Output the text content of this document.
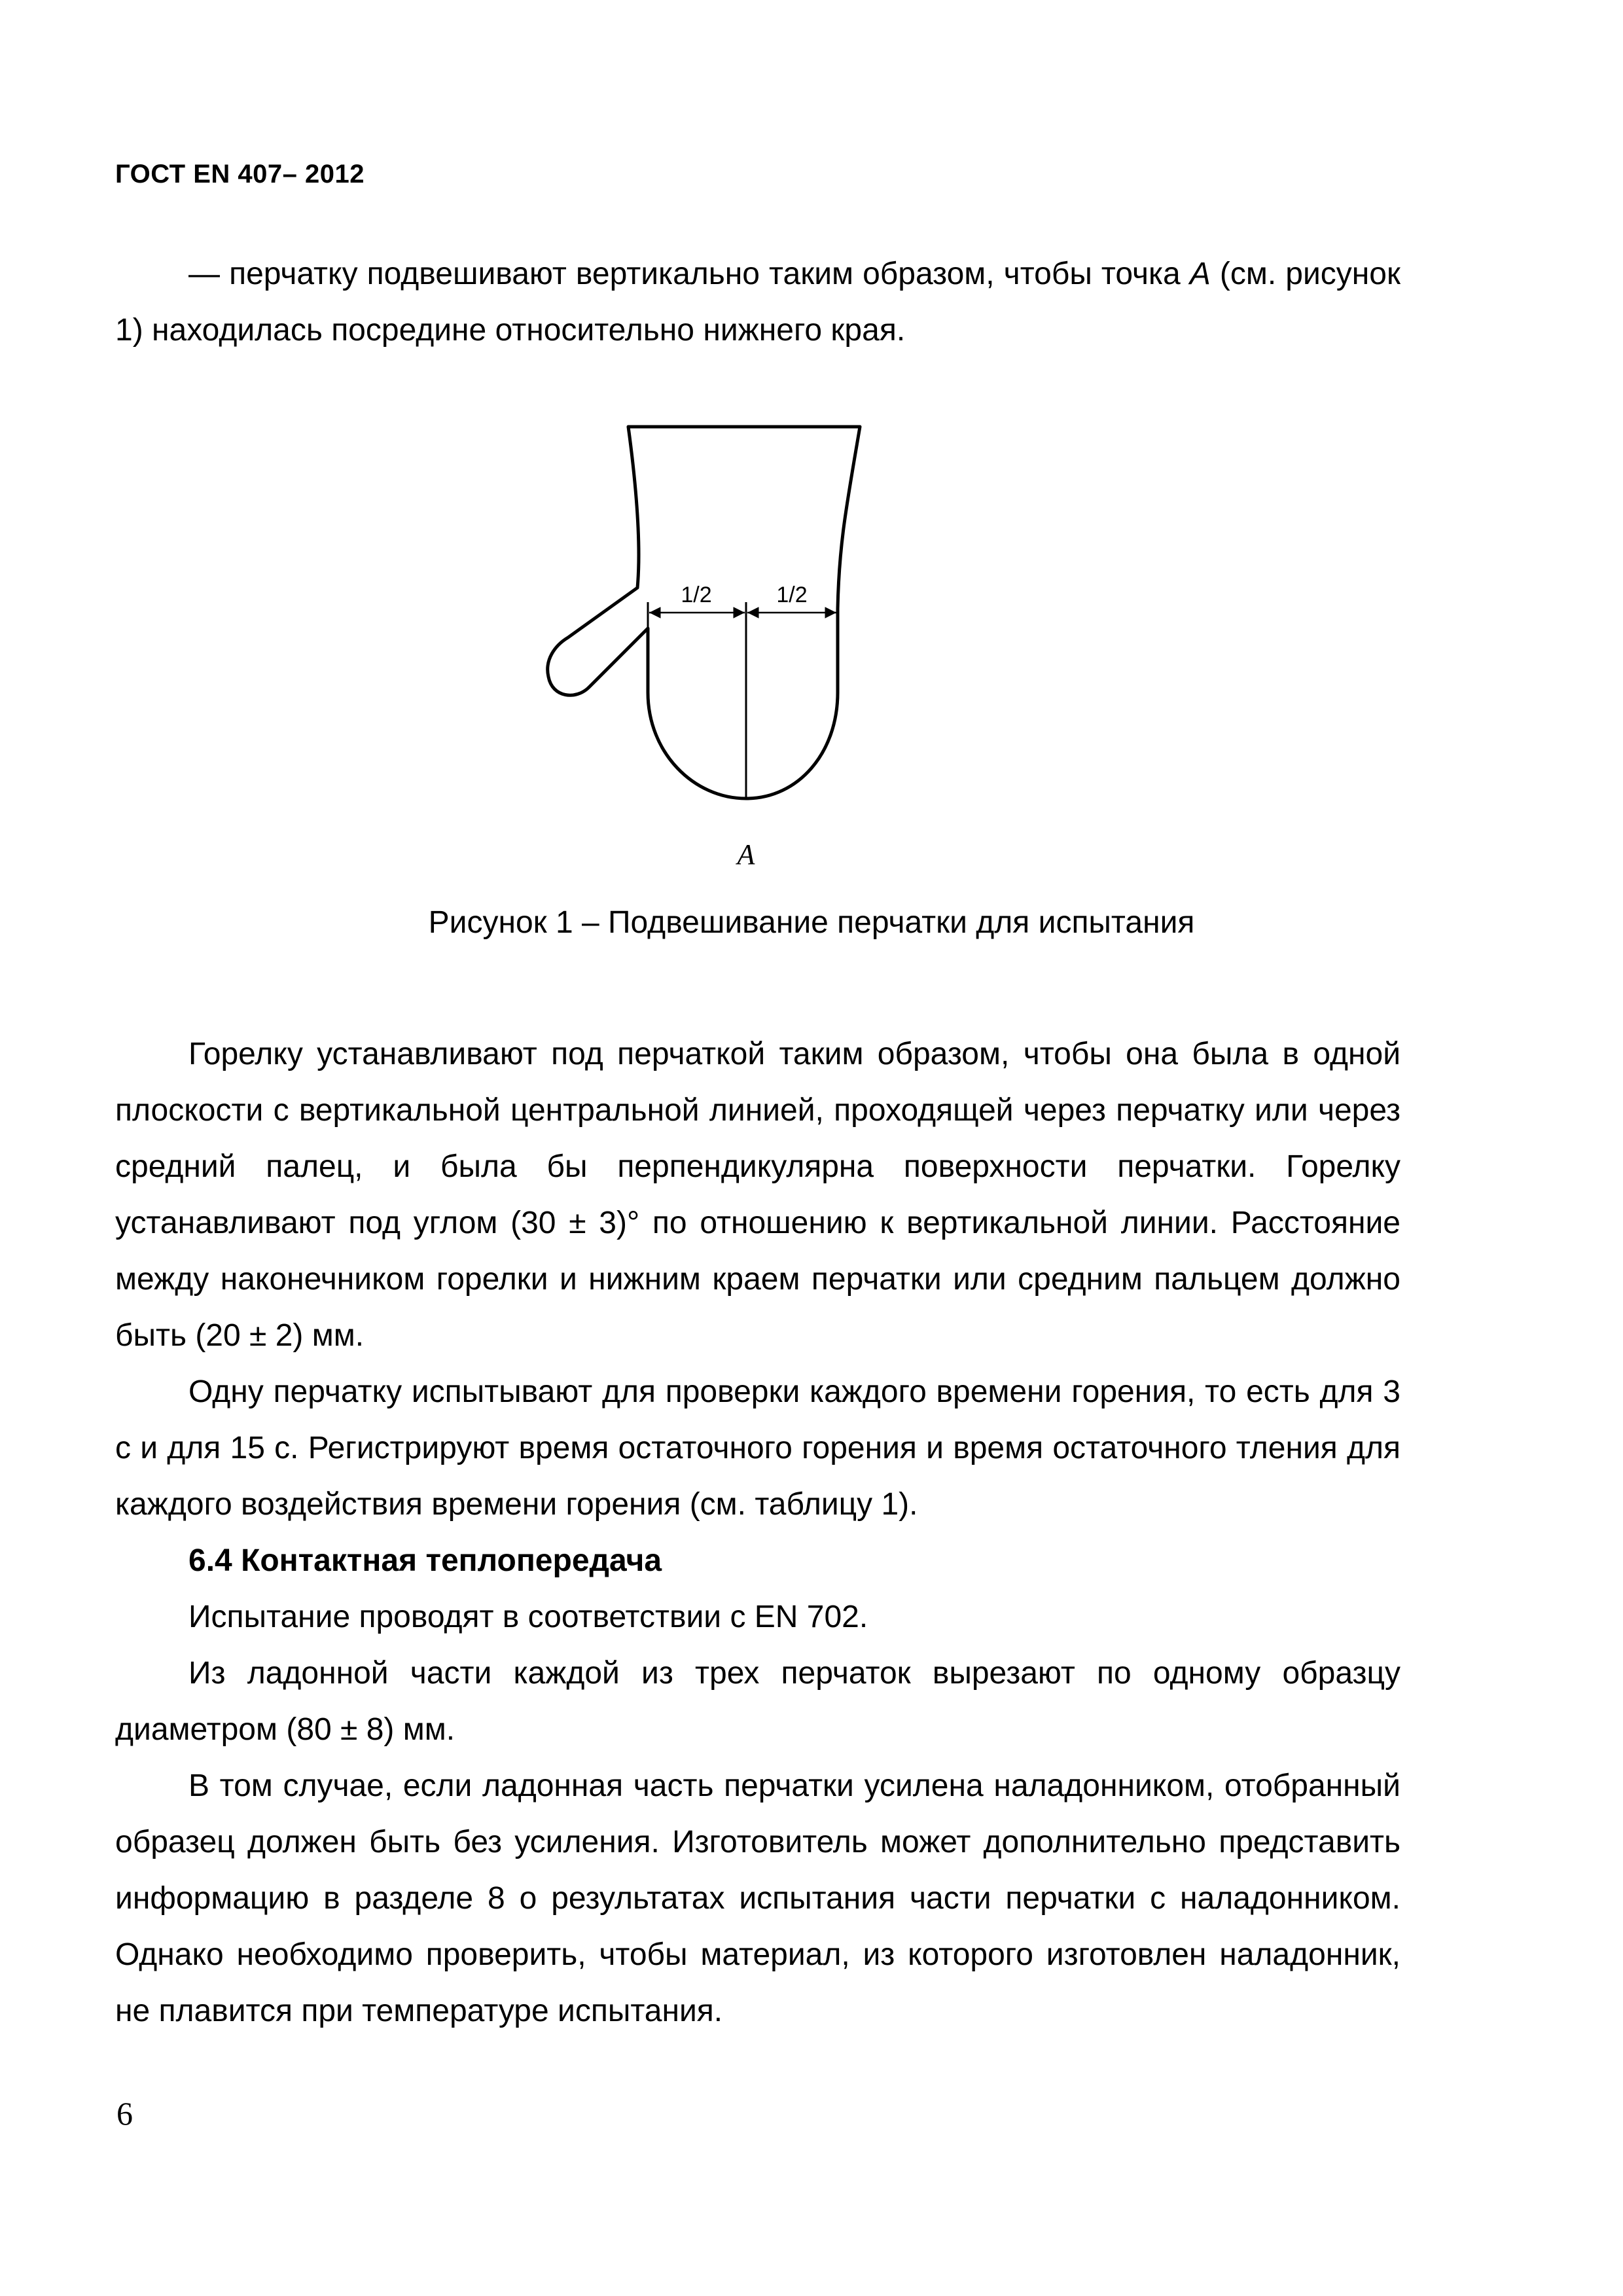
ГОСТ EN 407– 2012

— перчатку подвешивают вертикально таким образом, чтобы точка А (см. рисунок 1) находилась посредине относительно нижнего края.

1/2	1/2
A
Рисунок 1 – Подвешивание перчатки для испытания

Горелку устанавливают под перчаткой таким образом, чтобы она была в одной плоскости с вертикальной центральной линией, проходящей через перчатку или через средний палец, и была бы перпендикулярна поверхности перчатки. Горелку устанавливают под углом (30 ± 3)° по отношению к вертикальной линии. Расстояние между наконечником горелки и нижним краем перчатки или средним пальцем должно быть (20 ± 2) мм.

Одну перчатку испытывают для проверки каждого времени горения, то есть для 3 с и для 15 с. Регистрируют время остаточного горения и время остаточного тления для каждого воздействия времени горения (см. таблицу 1).

6.4 Контактная теплопередача

Испытание проводят в соответствии с EN 702.

Из ладонной части каждой из трех перчаток вырезают по одному образцу диаметром (80 ± 8) мм.

В том случае, если ладонная часть перчатки усилена наладонником, отобранный образец должен быть без усиления. Изготовитель может дополнительно представить информацию в разделе 8 о результатах испытания части перчатки с наладонником. Однако необходимо проверить, чтобы материал, из которого изготовлен наладонник, не плавится при температуре испытания.

6
